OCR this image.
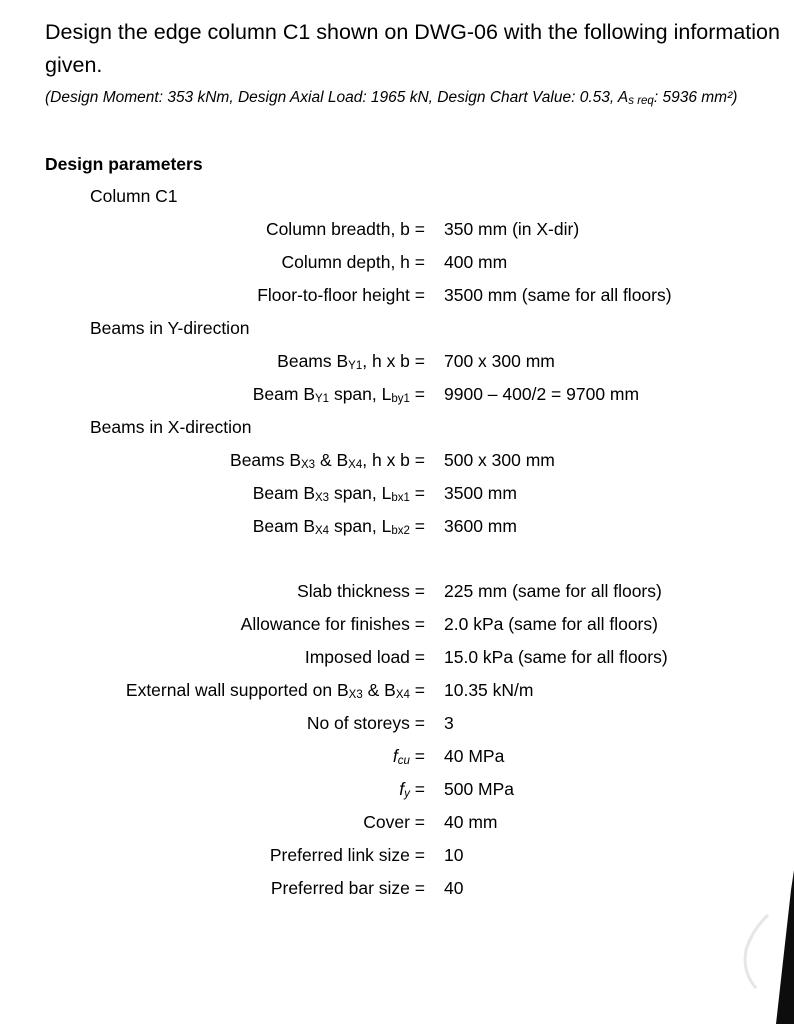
Design the edge column C1 shown on DWG-06 with the following information given.
(Design Moment: 353 kNm, Design Axial Load: 1965 kN, Design Chart Value: 0.53, $A_{s req}$: 5936 mm²)
Design parameters
Column C1
Column breadth, b = 350 mm (in X-dir)
Column depth, h = 400 mm
Floor-to-floor height = 3500 mm (same for all floors)
Beams in Y-direction
Beams $B_{Y1}$, h x b = 700 x 300 mm
Beam $B_{Y1}$ span, $L_{by1} = 9900 - 400/2 = 9700$ mm
Beams in X-direction
Beams $B_{X3}$ & $B_{X4}$, h x b = 500 x 300 mm
Beam $B_{X3}$ span, $L_{bx1} = 3500$ mm
Beam $B_{X4}$ span, $L_{bx2} = 3600$ mm
Slab thickness = 225 mm (same for all floors)
Allowance for finishes = 2.0 kPa (same for all floors)
Imposed load = 15.0 kPa (same for all floors)
External wall supported on $B_{X3}$ & $B_{X4} = 10.35$ kN/m
No of storeys = 3
$f_{cu} = 40$ MPa
$f_y = 500$ MPa
Cover = 40 mm
Preferred link size = 10
Preferred bar size = 40
